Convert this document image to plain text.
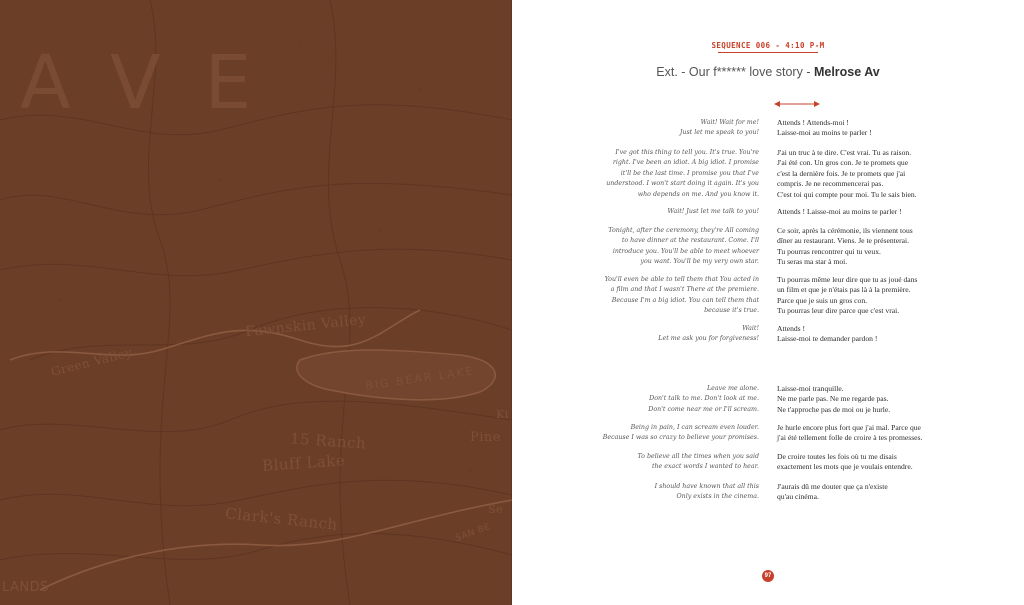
AVE
Fawnskin Valley
BIG BEAR LAKE
Green Valley
15 Ranch
Bluff Lake
Clark's Ranch
Pine
LANDS
SAN BE
Se
Ki
SEQUENCE 006 - 4:10 P-M
Ext. - Our f****** love story - Melrose Av
Wait! Wait for me!
Just let me speak to you!
I've got this thing to tell you. It's true. You're
right. I've been an idiot. A big idiot. I promise
it'll be the last time. I promise you that I've
understood. I won't start doing it again. It's you
who depends on me. And you know it.
Wait! Just let me talk to you!
Tonight, after the ceremony, they're All coming
to have dinner at the restaurant. Come. I'll
introduce you. You'll be able to meet whoever
you want. You'll be my very own star.
You'll even be able to tell them that You acted in
a film and that I wasn't There at the premiere.
Because I'm a big idiot. You can tell them that
because it's true.
Wait!
Let me ask you for forgiveness!
Leave me alone.
Don't talk to me. Don't look at me.
Don't come near me or I'll scream.
Being in pain, I can scream even louder.
Because I was so crazy to believe your promises.
To believe all the times when you said
the exact words I wanted to hear.
I should have known that all this
Only exists in the cinema.
Attends ! Attends-moi !
Laisse-moi au moins te parler !
J'ai un truc à te dire. C'est vrai. Tu as raison.
J'ai été con. Un gros con. Je te promets que
c'est la dernière fois. Je te promets que j'ai
compris. Je ne recommencerai pas.
C'est toi qui compte pour moi. Tu le sais bien.
Attends ! Laisse-moi au moins te parler !
Ce soir, après la cérémonie, ils viennent tous
dîner au restaurant. Viens. Je te présenterai.
Tu pourras rencontrer qui tu veux.
Tu seras ma star à moi.
Tu pourras même leur dire que tu as joué dans
un film et que je n'étais pas là à la première.
Parce que je suis un gros con.
Tu pourras leur dire parce que c'est vrai.
Attends !
Laisse-moi te demander pardon !
Laisse-moi tranquille.
Ne me parle pas. Ne me regarde pas.
Ne t'approche pas de moi ou je hurle.
Je hurle encore plus fort que j'ai mal. Parce que
j'ai été tellement folle de croire à tes promesses.
De croire toutes les fois où tu me disais
exactement les mots que je voulais entendre.
J'aurais dû me douter que ça n'existe
qu'au cinéma.
97
